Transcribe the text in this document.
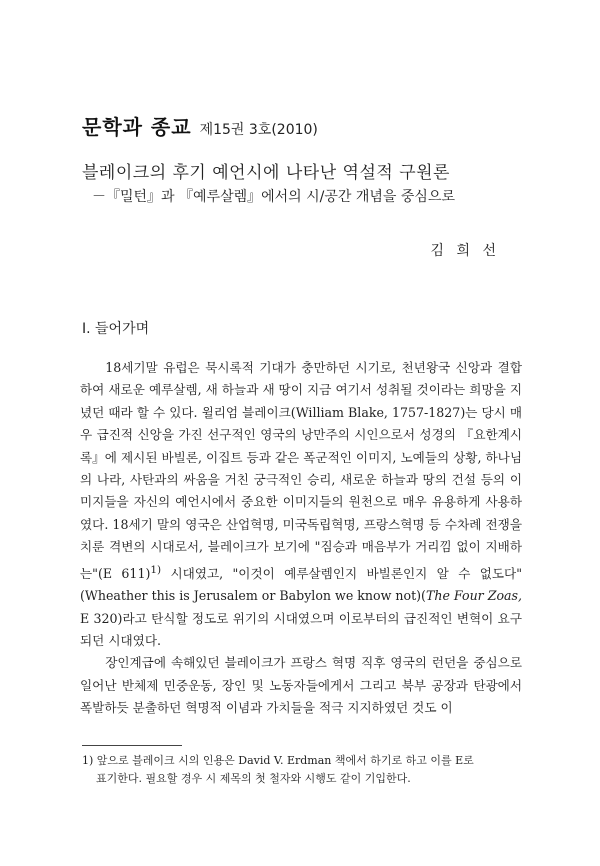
문학과 종교 제15권 3호(2010)
블레이크의 후기 예언시에 나타난 역설적 구원론
－『밀턴』과 『예루살렘』에서의 시/공간 개념을 중심으로
김 희 선
I. 들어가며

18세기말 유럽은 묵시록적 기대가 충만하던 시기로, 천년왕국 신앙과 결합하여 새로운 예루살렘, 새 하늘과 새 땅이 지금 여기서 성취될 것이라는 희망을 지녔던 때라 할 수 있다. 윌리엄 블레이크(William Blake, 1757-1827)는 당시 매우 급진적 신앙을 가진 선구적인 영국의 낭만주의 시인으로서 성경의 『요한계시록』에 제시된 바빌론, 이집트 등과 같은 폭군적인 이미지, 노예들의 상황, 하나님의 나라, 사탄과의 싸움을 거친 궁극적인 승리, 새로운 하늘과 땅의 건설 등의 이미지들을 자신의 예언시에서 중요한 이미지들의 원천으로 매우 유용하게 사용하였다. 18세기 말의 영국은 산업혁명, 미국독립혁명, 프랑스혁명 등 수차례 전쟁을 치룬 격변의 시대로서, 블레이크가 보기에 "짐승과 매음부가 거리낌 없이 지배하는"(E 611)$^{1)}$ 시대였고, "이것이 예루살렘인지 바빌론인지 알 수 없도다"(Wheather this is Jerusalem or Babylon we know not)(The Four Zoas, E 320)라고 탄식할 정도로 위기의 시대였으며 이로부터의 급진적인 변혁이 요구되던 시대였다.

장인계급에 속해있던 블레이크가 프랑스 혁명 직후 영국의 런던을 중심으로 일어난 반체제 민중운동, 장인 및 노동자들에게서 그리고 북부 공장과 탄광에서 폭발하듯 분출하던 혁명적 이념과 가치들을 적극 지지하였던 것도 이

1) 앞으로 블레이크 시의 인용은 David V. Erdman 책에서 하기로 하고 이를 E로
표기한다. 필요할 경우 시 제목의 첫 철자와 시행도 같이 기입한다.
